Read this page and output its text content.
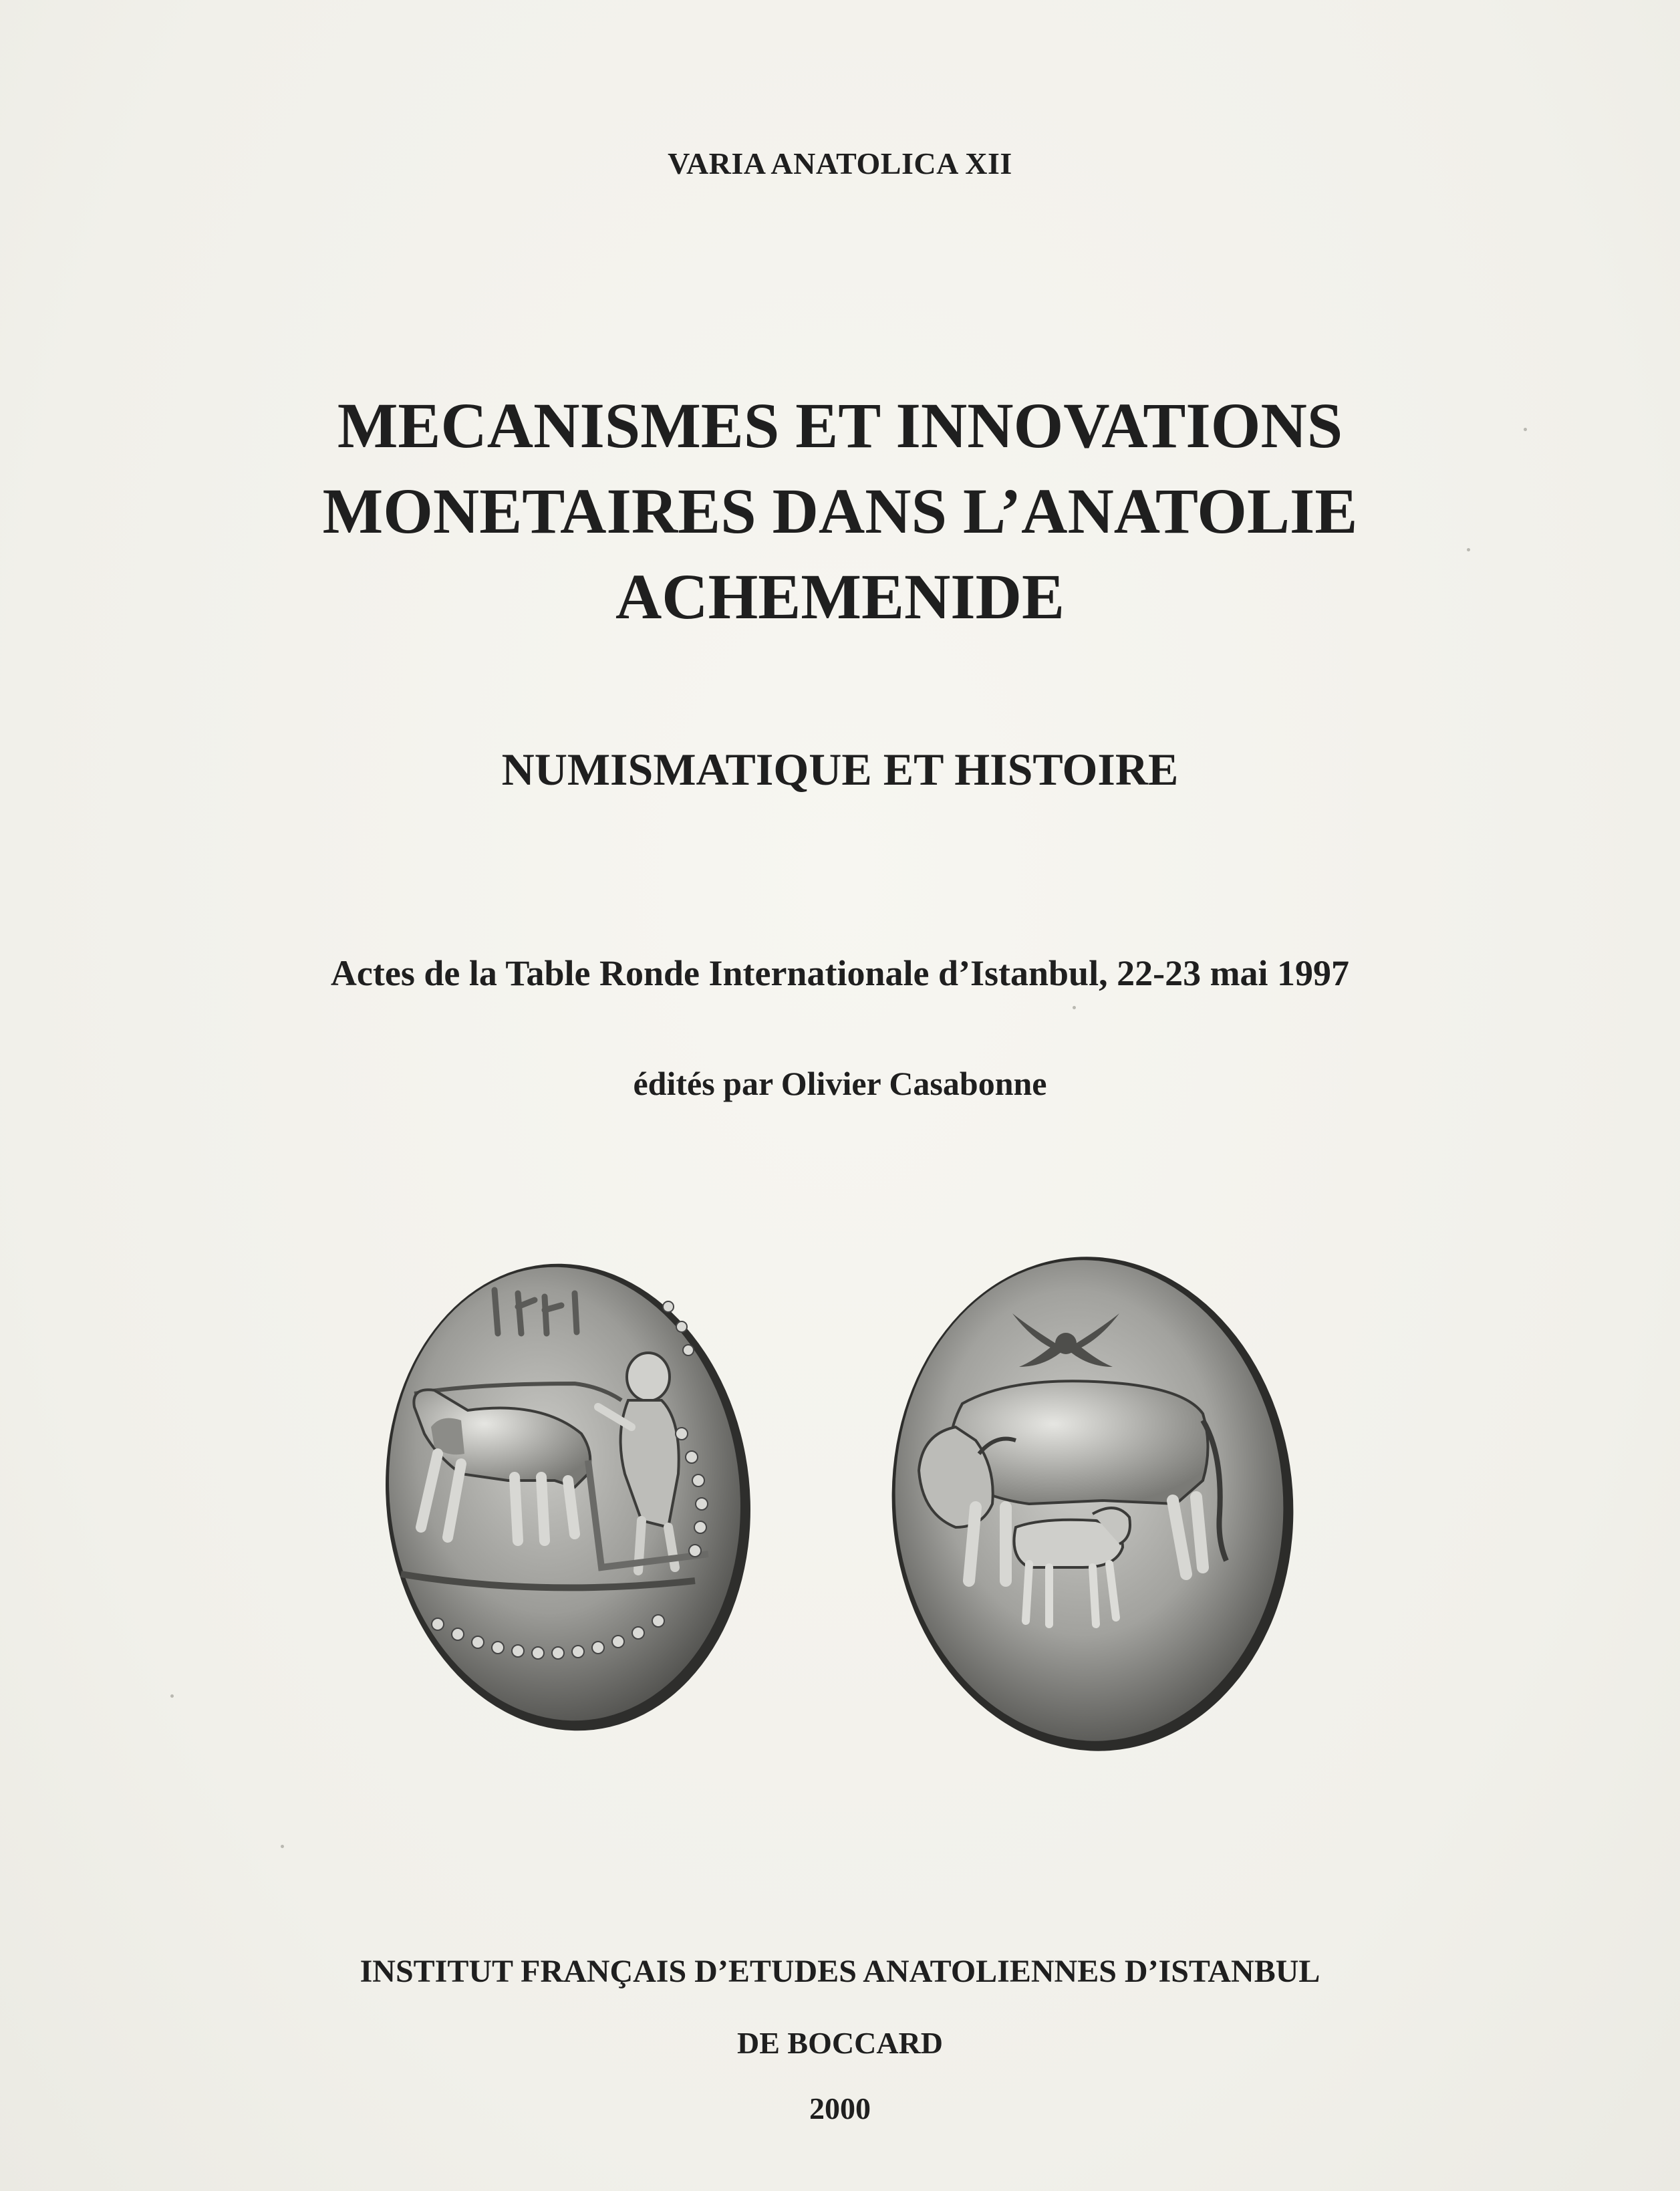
VARIA ANATOLICA XII
MECANISMES ET INNOVATIONS
MONETAIRES DANS L’ANATOLIE
ACHEMENIDE
NUMISMATIQUE ET HISTOIRE
Actes de la Table Ronde Internationale d’Istanbul, 22-23 mai 1997
édités par Olivier Casabonne
INSTITUT FRANÇAIS D’ETUDES ANATOLIENNES D’ISTANBUL
DE BOCCARD
2000
